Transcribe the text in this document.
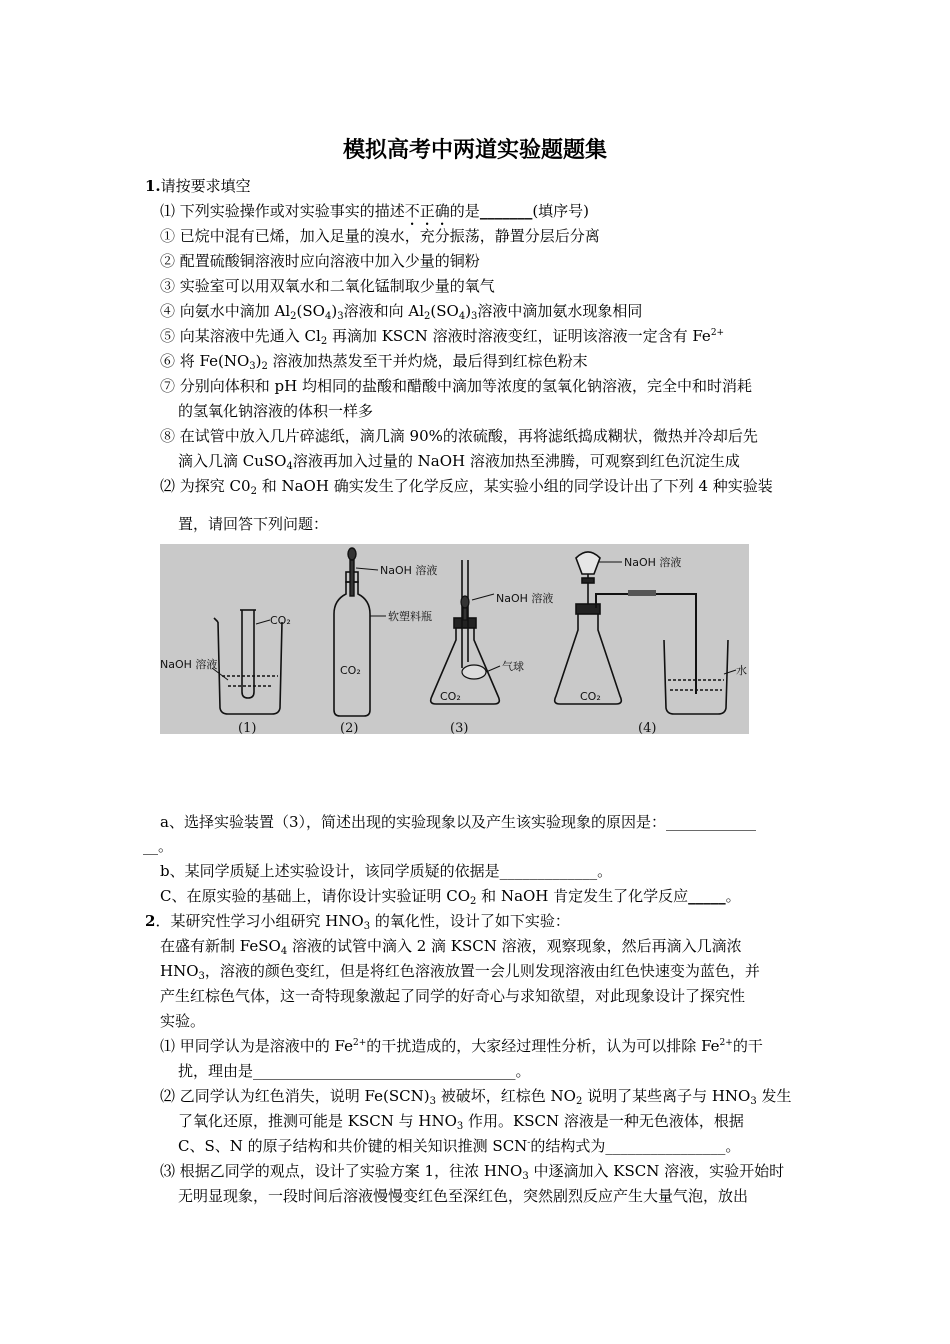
模拟高考中两道实验题题集
1.请按要求填空
⑴ 下列实验操作或对实验事实的描述不正确的是_______(填序号)
① 已烷中混有已烯，加入足量的溴水，充分振荡，静置分层后分离
② 配置硫酸铜溶液时应向溶液中加入少量的铜粉
③ 实验室可以用双氧水和二氧化锰制取少量的氧气
④ 向氨水中滴加 $Al_2(SO_4)_3$溶液和向 $Al_2(SO_4)_3$溶液中滴加氨水现象相同
⑤ 向某溶液中先通入 $Cl_2$ 再滴加 KSCN 溶液时溶液变红，证明该溶液一定含有 $Fe^{2+}$
⑥ 将 $Fe(NO_3)_2$ 溶液加热蒸发至干并灼烧，最后得到红棕色粉末
⑦ 分别向体积和 pH 均相同的盐酸和醋酸中滴加等浓度的氢氧化钠溶液，完全中和时消耗
的氢氧化钠溶液的体积一样多
⑧ 在试管中放入几片碎滤纸，滴几滴 90%的浓硫酸，再将滤纸捣成糊状，微热并冷却后先
滴入几滴 CuSO$_4$溶液再加入过量的 NaOH 溶液加热至沸腾，可观察到红色沉淀生成
⑵ 为探究 $C0_2$ 和 NaOH 确实发生了化学反应，某实验小组的同学设计出了下列 4 种实验装
置，请回答下列问题：
CO₂
NaOH 溶液
(1)
NaOH 溶液
软塑料瓶
CO₂
(2)
NaOH 溶液
气球
CO₂
(3)
NaOH 溶液
水
CO₂
(4)
a、选择实验装置（3），简述出现的实验现象以及产生该实验现象的原因是：____________
__。
b、某同学质疑上述实验设计，该同学质疑的依据是_____________。
C、在原实验的基础上，请你设计实验证明 $CO_2$ 和 NaOH 肯定发生了化学反应_____。
2．某研究性学习小组研究 $HNO_3$ 的氧化性，设计了如下实验：
在盛有新制 FeSO$_4$ 溶液的试管中滴入 2 滴 KSCN 溶液，观察现象，然后再滴入几滴浓
$HNO_3$，溶液的颜色变红，但是将红色溶液放置一会儿则发现溶液由红色快速变为蓝色，并
产生红棕色气体，这一奇特现象激起了同学的好奇心与求知欲望，对此现象设计了探究性
实验。
⑴ 甲同学认为是溶液中的 $Fe^{2+}$的干扰造成的，大家经过理性分析，认为可以排除 $Fe^{2+}$的干
扰，理由是___________________________________。
⑵ 乙同学认为红色消失，说明 $Fe(SCN)_3$ 被破坏，红棕色 $NO_2$ 说明了某些离子与 $HNO_3$ 发生
了氧化还原，推测可能是 KSCN 与 $HNO_3$ 作用。KSCN 溶液是一种无色液体，根据
C、S、N 的原子结构和共价键的相关知识推测 SCN-的结构式为________________。
⑶ 根据乙同学的观点，设计了实验方案 1，往浓 $HNO_3$ 中逐滴加入 KSCN 溶液，实验开始时
无明显现象，一段时间后溶液慢慢变红色至深红色，突然剧烈反应产生大量气泡，放出
